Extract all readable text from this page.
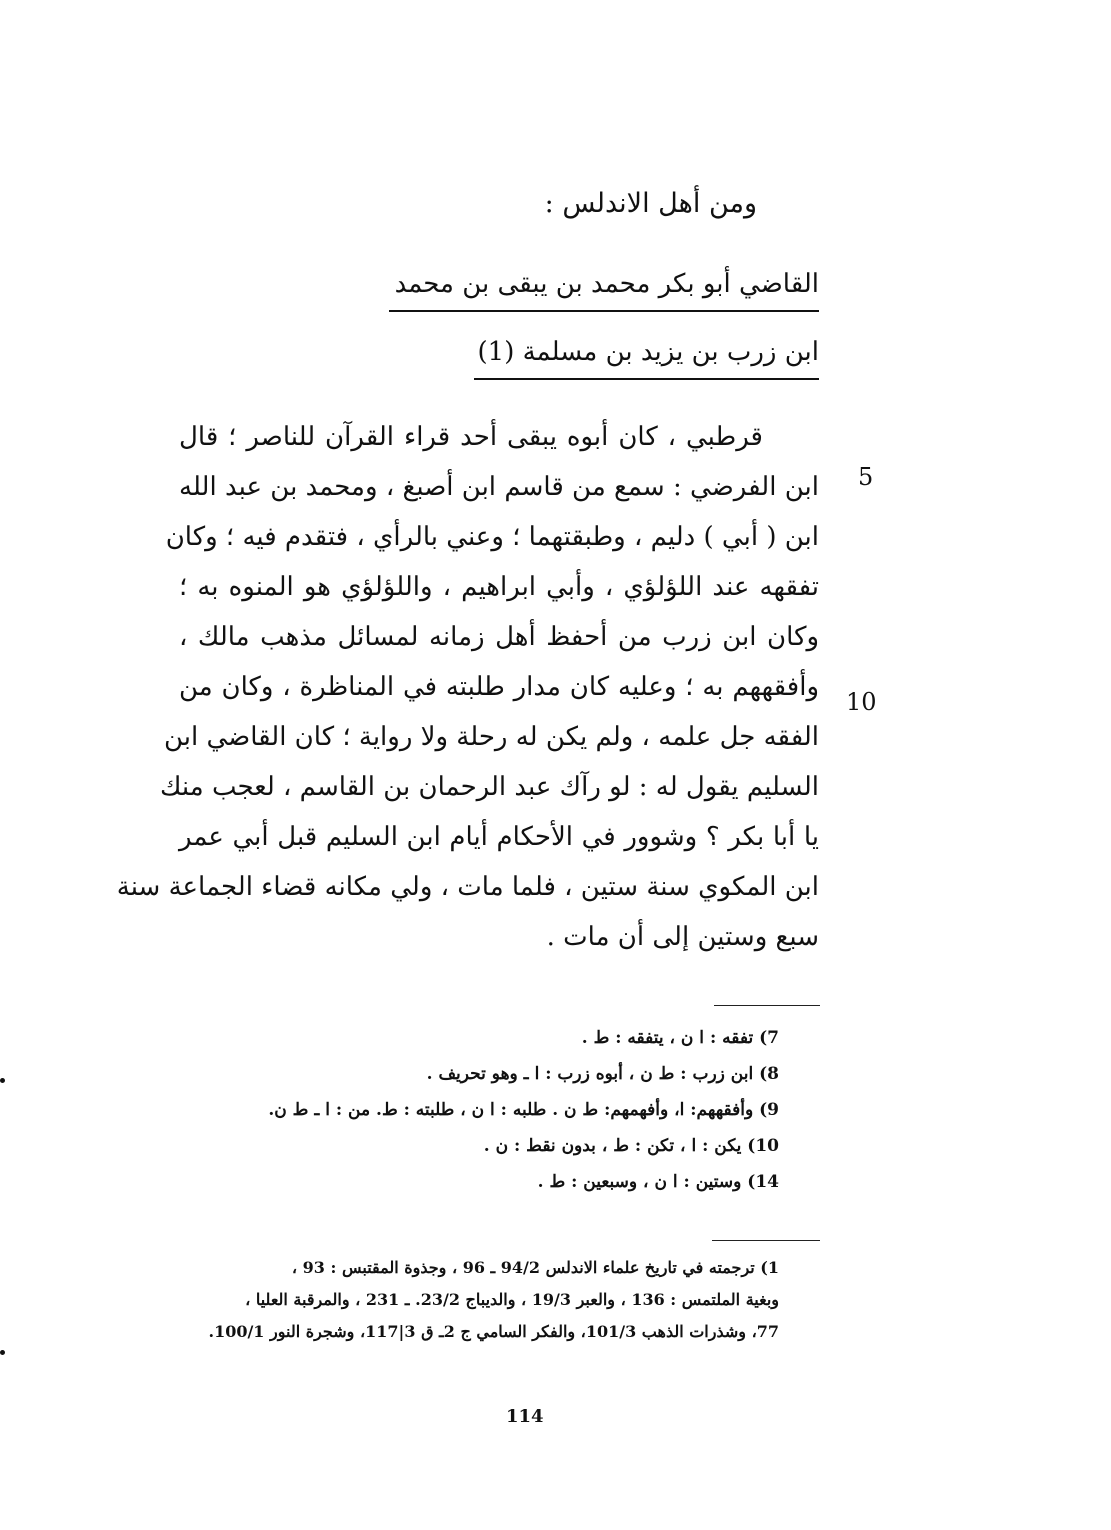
ومن أهل الاندلس :
القاضي أبو بكر محمد بن يبقى بن محمد
ابن زرب بن يزيد بن مسلمة (1)
قرطبي ، كان أبوه يبقى أحد قراء القرآن للناصر ؛ قال
ابن الفرضي : سمع من قاسم ابن أصبغ ، ومحمد بن عبد الله
ابن ( أبي ) دليم ، وطبقتهما ؛ وعني بالرأي ، فتقدم فيه ؛ وكان
تفقهه عند اللؤلؤي ، وأبي ابراهيم ، واللؤلؤي هو المنوه به ؛
وكان ابن زرب من أحفظ أهل زمانه لمسائل مذهب مالك ،
وأفقههم به ؛ وعليه كان مدار طلبته في المناظرة ، وكان من
الفقه جل علمه ، ولم يكن له رحلة ولا رواية ؛ كان القاضي ابن
السليم يقول له : لو رآك عبد الرحمان بن القاسم ، لعجب منك
يا أبا بكر ؟ وشوور في الأحكام أيام ابن السليم قبل أبي عمر
ابن المكوي سنة ستين ، فلما مات ، ولي مكانه قضاء الجماعة سنة
سبع وستين إلى أن مات .
5
10
7) تفقه : ا ن ، يتفقه : ط .
8) ابن زرب : ط ن ، أبوه زرب : ا ـ وهو تحريف .
9) وأفقههم: ا، وأفهمهم: ط ن . طلبه : ا ن ، طلبته : ط. من : ا ـ ط ن.
10) يكن : ا ، تكن : ط ، بدون نقط : ن .
14) وستين : ا ن ، وسبعين : ط .
1) ترجمته في تاريخ علماء الاندلس 94/2 ـ 96 ، وجذوة المقتبس : 93 ،
وبغية الملتمس : 136 ، والعبر 19/3 ، والديباج 23/2. ـ 231 ، والمرقبة العليا ،
77، وشذرات الذهب 101/3، والفكر السامي ج 2ـ ق 3|117، وشجرة النور 100/1.
114
